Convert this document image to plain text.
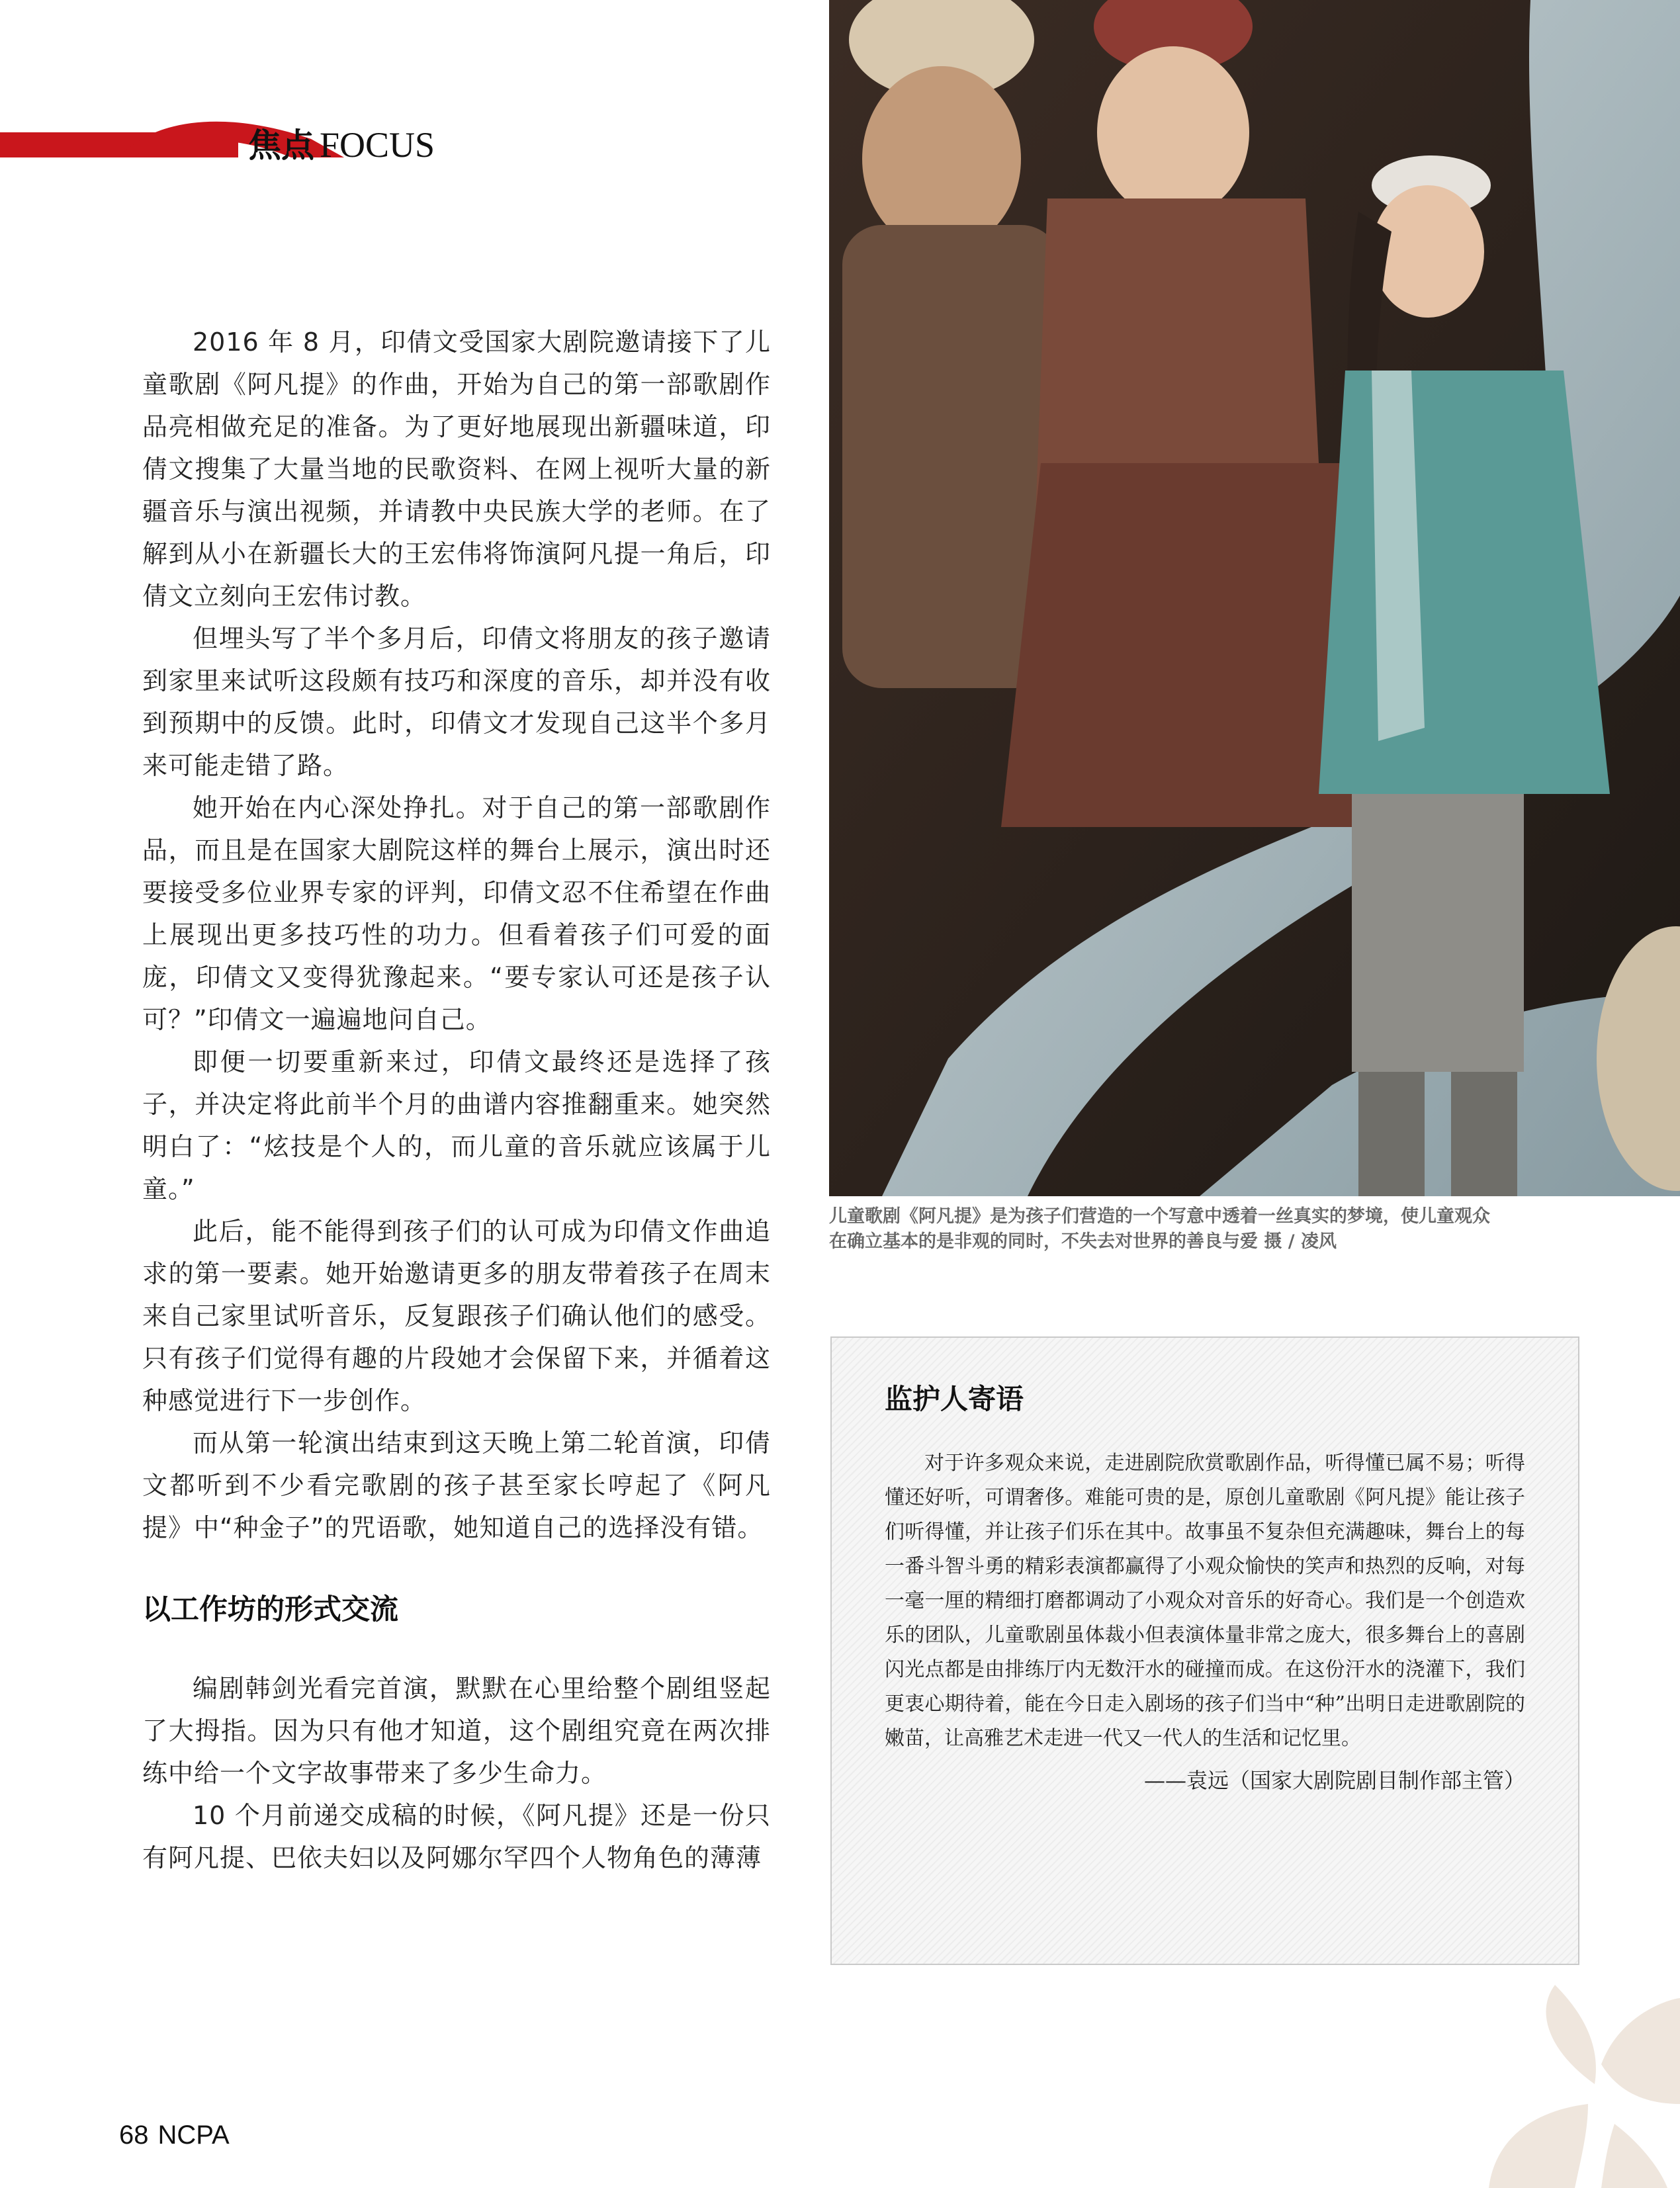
焦点 FOCUS

2016 年 8 月，印倩文受国家大剧院邀请接下了儿童歌剧《阿凡提》的作曲，开始为自己的第一部歌剧作品亮相做充足的准备。为了更好地展现出新疆味道，印倩文搜集了大量当地的民歌资料、在网上视听大量的新疆音乐与演出视频，并请教中央民族大学的老师。在了解到从小在新疆长大的王宏伟将饰演阿凡提一角后，印倩文立刻向王宏伟讨教。

但埋头写了半个多月后，印倩文将朋友的孩子邀请到家里来试听这段颇有技巧和深度的音乐，却并没有收到预期中的反馈。此时，印倩文才发现自己这半个多月来可能走错了路。

她开始在内心深处挣扎。对于自己的第一部歌剧作品，而且是在国家大剧院这样的舞台上展示，演出时还要接受多位业界专家的评判，印倩文忍不住希望在作曲上展现出更多技巧性的功力。但看着孩子们可爱的面庞，印倩文又变得犹豫起来。“要专家认可还是孩子认可？”印倩文一遍遍地问自己。

即便一切要重新来过，印倩文最终还是选择了孩子，并决定将此前半个月的曲谱内容推翻重来。她突然明白了：“炫技是个人的，而儿童的音乐就应该属于儿童。”

此后，能不能得到孩子们的认可成为印倩文作曲追求的第一要素。她开始邀请更多的朋友带着孩子在周末来自己家里试听音乐，反复跟孩子们确认他们的感受。只有孩子们觉得有趣的片段她才会保留下来，并循着这种感觉进行下一步创作。

而从第一轮演出结束到这天晚上第二轮首演，印倩文都听到不少看完歌剧的孩子甚至家长哼起了《阿凡提》中“种金子”的咒语歌，她知道自己的选择没有错。

以工作坊的形式交流

编剧韩剑光看完首演，默默在心里给整个剧组竖起了大拇指。因为只有他才知道，这个剧组究竟在两次排练中给一个文字故事带来了多少生命力。

10 个月前递交成稿的时候，《阿凡提》还是一份只有阿凡提、巴依夫妇以及阿娜尔罕四个人物角色的薄薄

儿童歌剧《阿凡提》是为孩子们营造的一个写意中透着一丝真实的梦境，使儿童观众
在确立基本的是非观的同时，不失去对世界的善良与爱 摄 / 凌风
监护人寄语

对于许多观众来说，走进剧院欣赏歌剧作品，听得懂已属不易；听得懂还好听，可谓奢侈。难能可贵的是，原创儿童歌剧《阿凡提》能让孩子们听得懂，并让孩子们乐在其中。故事虽不复杂但充满趣味，舞台上的每一番斗智斗勇的精彩表演都赢得了小观众愉快的笑声和热烈的反响，对每一毫一厘的精细打磨都调动了小观众对音乐的好奇心。我们是一个创造欢乐的团队，儿童歌剧虽体裁小但表演体量非常之庞大，很多舞台上的喜剧闪光点都是由排练厅内无数汗水的碰撞而成。在这份汗水的浇灌下，我们更衷心期待着，能在今日走入剧场的孩子们当中“种”出明日走进歌剧院的嫩苗，让高雅艺术走进一代又一代人的生活和记忆里。

——袁远（国家大剧院剧目制作部主管）
68 NCPA
